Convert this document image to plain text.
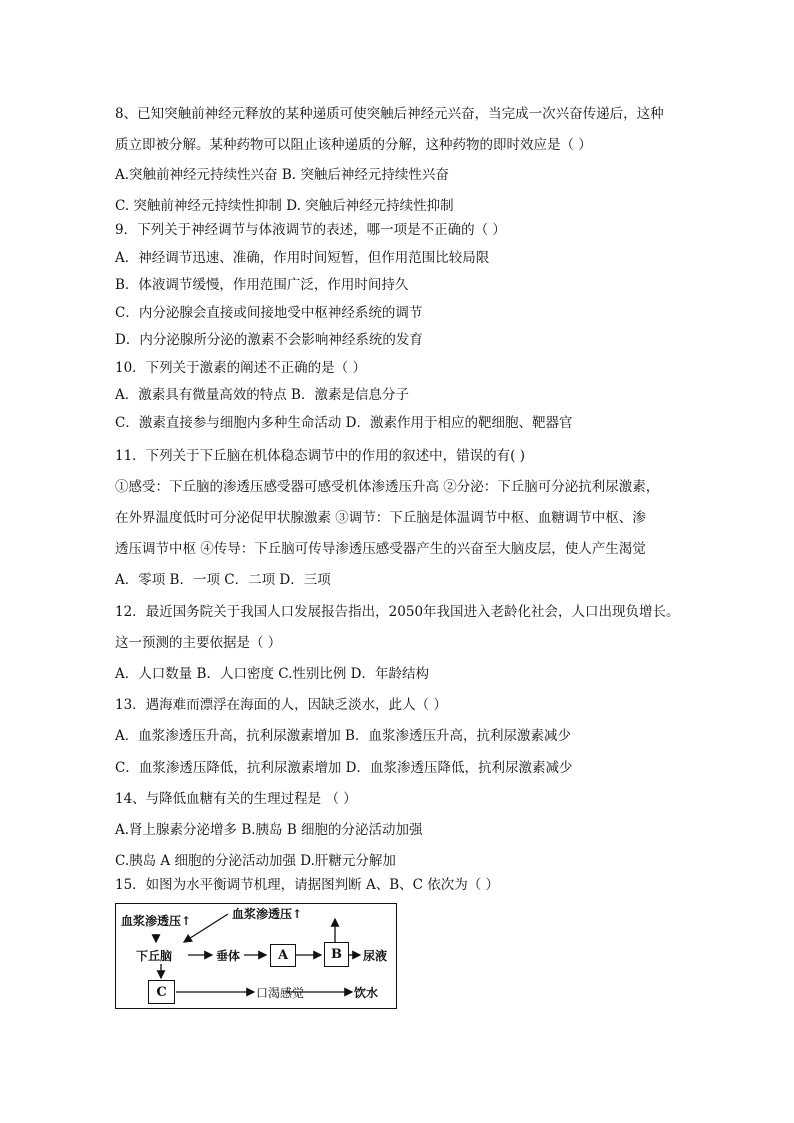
8、已知突触前神经元释放的某种递质可使突触后神经元兴奋，当完成一次兴奋传递后，这种
质立即被分解。某种药物可以阻止该种递质的分解，这种药物的即时效应是（ ）
A.突触前神经元持续性兴奋 B. 突触后神经元持续性兴奋
C. 突触前神经元持续性抑制 D. 突触后神经元持续性抑制
9．下列关于神经调节与体液调节的表述，哪一项是不正确的（ ）
A．神经调节迅速、准确，作用时间短暂，但作用范围比较局限
B．体液调节缓慢，作用范围广泛，作用时间持久
C．内分泌腺会直接或间接地受中枢神经系统的调节
D．内分泌腺所分泌的激素不会影响神经系统的发育
10．下列关于激素的阐述不正确的是（ ）
A．激素具有微量高效的特点 B．激素是信息分子
C．激素直接参与细胞内多种生命活动 D．激素作用于相应的靶细胞、靶器官
11．下列关于下丘脑在机体稳态调节中的作用的叙述中，错误的有( )
①感受：下丘脑的渗透压感受器可感受机体渗透压升高 ②分泌：下丘脑可分泌抗利尿激素，
在外界温度低时可分泌促甲状腺激素 ③调节：下丘脑是体温调节中枢、血糖调节中枢、渗
透压调节中枢 ④传导：下丘脑可传导渗透压感受器产生的兴奋至大脑皮层，使人产生渴觉
A．零项 B．一项 C．二项 D．三项
12．最近国务院关于我国人口发展报告指出，2050年我国进入老龄化社会，人口出现负增长。
这一预测的主要依据是（ ）
A．人口数量 B．人口密度 C.性别比例 D．年龄结构
13．遇海难而漂浮在海面的人，因缺乏淡水，此人（ ）
A．血浆渗透压升高，抗利尿激素增加 B．血浆渗透压升高，抗利尿激素减少
C．血浆渗透压降低，抗利尿激素增加 D．血浆渗透压降低，抗利尿激素减少
14、与降低血糖有关的生理过程是 （ ）
A.肾上腺素分泌增多 B.胰岛 B 细胞的分泌活动加强
C.胰岛 A 细胞的分泌活动加强 D.肝糖元分解加
15．如图为水平衡调节机理，请据图判断 A、B、C 依次为（ ）
血浆渗透压↑	血浆渗透压↑
下丘脑	垂体	A	B	尿液
C	口渴感觉	饮水
